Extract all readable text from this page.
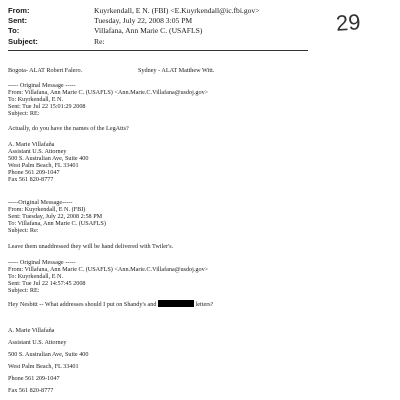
From:	Kuyrkendall, E N. (FBI) <E.Kuyrkendall@ic.fbi.gov>
Sent:	Tuesday, July 22, 2008 3:05 PM
To:	Villafana, Ann Marie C. (USAFLS)
Subject:	Re:
29
Bogota- ALAT Robert Falero.	Sydney - ALAT Matthew Witt.
----- Original Message -----
From: Villafana, Ann Marie C. (USAFLS) <Ann.Marie.C.Villafana@usdoj.gov>
To: Kuyrkendall, E N.
Sent: Tue Jul 22 15:01:29 2008
Subject: RE:
Actually, do you have the names of the LegAtts?
A. Marie Villafaña
Assistant U.S. Attorney
500 S. Australian Ave, Suite 400
West Palm Beach, FL 33401
Phone 561 209-1047
Fax 561 820-8777
-----Original Message-----
From: Kuyrkendall, E N. (FBI)
Sent: Tuesday, July 22, 2008 2:58 PM
To: Villafana, Ann Marie C. (USAFLS)
Subject: Re:
Leave them unaddressed they will be hand delivered with Twiler's.
----- Original Message -----
From: Villafana, Ann Marie C. (USAFLS) <Ann.Marie.C.Villafana@usdoj.gov>
To: Kuyrkendall, E N.
Sent: Tue Jul 22 14:57:45 2008
Subject: RE:
Hey Nesbitt -- What addresses should I put on Shandy's and	letters?
A. Marie Villafaña
Assistant U.S. Attorney
500 S. Australian Ave, Suite 400
West Palm Beach, FL 33401
Phone 561 209-1047
Fax 561 820-8777
